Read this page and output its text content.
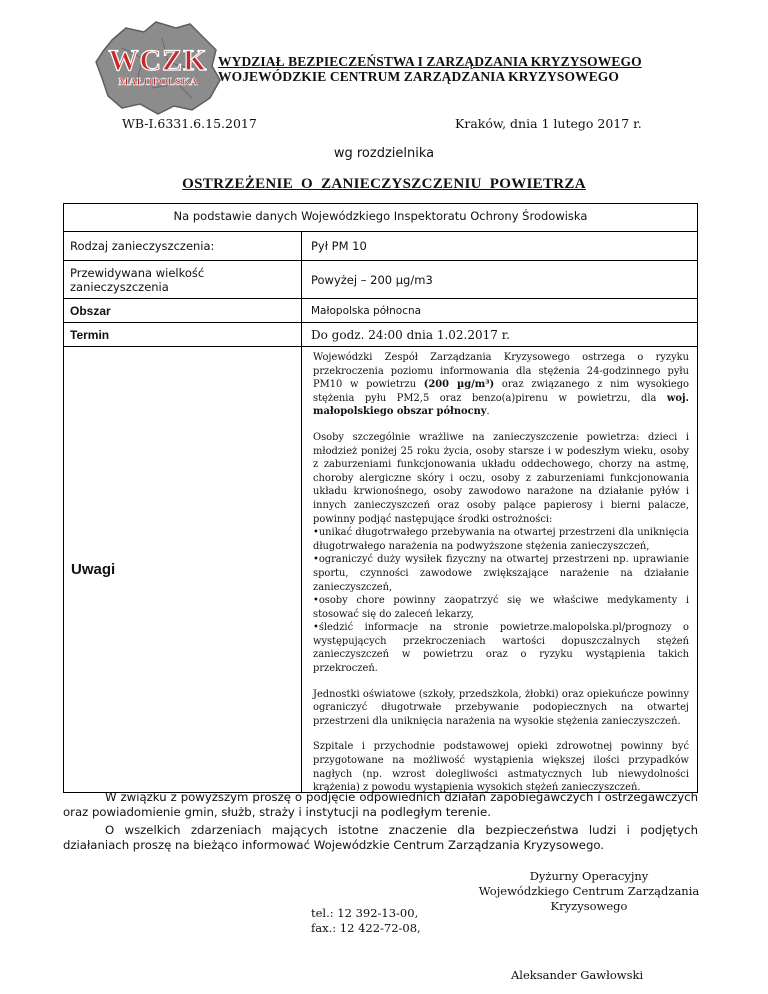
WCZK
MAŁOPOLSKA
WYDZIAŁ BEZPIECZEŃSTWA I ZARZĄDZANIA KRYZYSOWEGO
WOJEWÓDZKIE CENTRUM ZARZĄDZANIA KRYZYSOWEGO
WB-I.6331.6.15.2017	Kraków, dnia 1 lutego 2017 r.
wg rozdzielnika
OSTRZEŻENIE O ZANIECZYSZCZENIU POWIETRZA
Na podstawie danych Wojewódzkiego Inspektoratu Ochrony Środowiska
Rodzaj zanieczyszczenia:	Pył PM 10
Przewidywana wielkość zanieczyszczenia	Powyżej – 200 µg/m3
Obszar	Małopolska północna
Termin	Do godz. 24:00 dnia 1.02.2017 r.
Uwagi

Wojewódzki Zespół Zarządzania Kryzysowego ostrzega o ryzyku przekroczenia poziomu informowania dla stężenia 24-godzinnego pyłu PM10 w powietrzu (200 µg/m³) oraz związanego z nim wysokiego stężenia pyłu PM2,5 oraz benzo(a)pirenu w powietrzu, dla woj. małopolskiego obszar północny.

Osoby szczególnie wrażliwe na zanieczyszczenie powietrza: dzieci i młodzież poniżej 25 roku życia, osoby starsze i w podeszłym wieku, osoby z zaburzeniami funkcjonowania układu oddechowego, chorzy na astmę, choroby alergiczne skóry i oczu, osoby z zaburzeniami funkcjonowania układu krwionośnego, osoby zawodowo narażone na działanie pyłów i innych zanieczyszczeń oraz osoby palące papierosy i bierni palacze, powinny podjąć następujące środki ostrożności:
•unikać długotrwałego przebywania na otwartej przestrzeni dla uniknięcia długotrwałego narażenia na podwyższone stężenia zanieczyszczeń,
•ograniczyć duży wysiłek fizyczny na otwartej przestrzeni np. uprawianie sportu, czynności zawodowe zwiększające narażenie na działanie zanieczyszczeń,
•osoby chore powinny zaopatrzyć się we właściwe medykamenty i stosować się do zaleceń lekarzy,
•śledzić informacje na stronie powietrze.malopolska.pl/prognozy o występujących przekroczeniach wartości dopuszczalnych stężeń zanieczyszczeń w powietrzu oraz o ryzyku wystąpienia takich przekroczeń.

Jednostki oświatowe (szkoły, przedszkola, żłobki) oraz opiekuńcze powinny ograniczyć długotrwałe przebywanie podopiecznych na otwartej przestrzeni dla uniknięcia narażenia na wysokie stężenia zanieczyszczeń.

Szpitale i przychodnie podstawowej opieki zdrowotnej powinny być przygotowane na możliwość wystąpienia większej ilości przypadków nagłych (np. wzrost dolegliwości astmatycznych lub niewydolności krążenia) z powodu wystąpienia wysokich stężeń zanieczyszczeń.

W związku z powyższym proszę o podjęcie odpowiednich działań zapobiegawczych i ostrzegawczych oraz powiadomienie gmin, służb, straży i instytucji na podległym terenie.
O wszelkich zdarzeniach mających istotne znaczenie dla bezpieczeństwa ludzi i podjętych działaniach proszę na bieżąco informować Wojewódzkie Centrum Zarządzania Kryzysowego.
tel.: 12 392-13-00,
fax.: 12 422-72-08,
Dyżurny Operacyjny
Wojewódzkiego Centrum Zarządzania
Kryzysowego
Aleksander Gawłowski
